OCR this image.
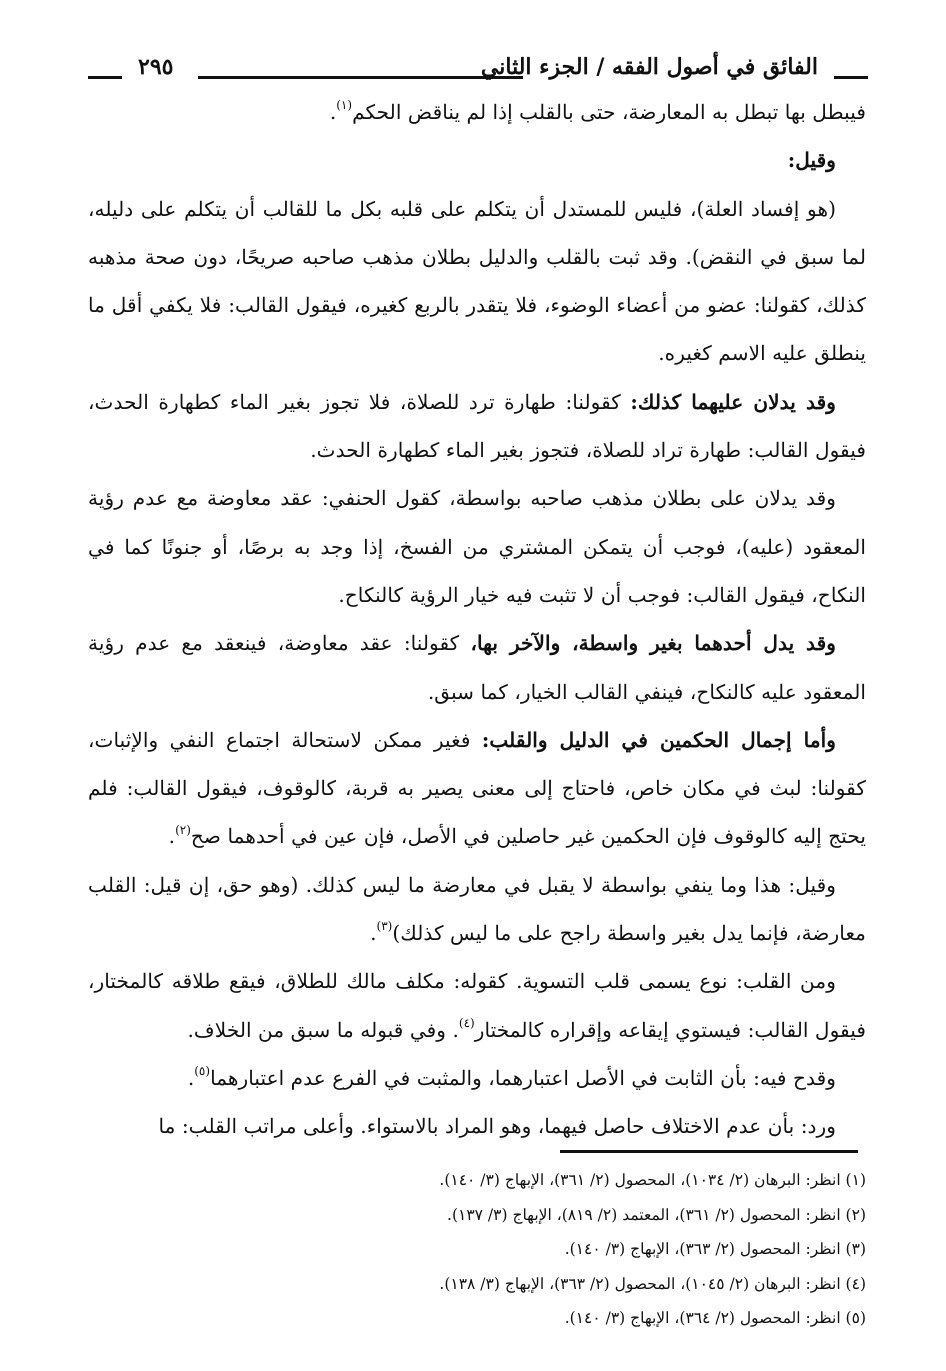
الفائق في أصول الفقه / الجزء الثاني
٢٩٥

فيبطل بها تبطل به المعارضة، حتى بالقلب إذا لم يناقض الحكم$^{(١)}$.

وقيل:

(هو إفساد العلة)، فليس للمستدل أن يتكلم على قلبه بكل ما للقالب أن يتكلم على دليله، لما سبق في النقض). وقد ثبت بالقلب والدليل بطلان مذهب صاحبه صريحًا، دون صحة مذهبه كذلك، كقولنا: عضو من أعضاء الوضوء، فلا يتقدر بالربع كغيره، فيقول القالب: فلا يكفي أقل ما ينطلق عليه الاسم كغيره.

وقد يدلان عليهما كذلك: كقولنا: طهارة ترد للصلاة، فلا تجوز بغير الماء كطهارة الحدث، فيقول القالب: طهارة تراد للصلاة، فتجوز بغير الماء كطهارة الحدث.

وقد يدلان على بطلان مذهب صاحبه بواسطة، كقول الحنفي: عقد معاوضة مع عدم رؤية المعقود (عليه)، فوجب أن يتمكن المشتري من الفسخ، إذا وجد به برصًا، أو جنونًا كما في النكاح، فيقول القالب: فوجب أن لا تثبت فيه خيار الرؤية كالنكاح.

وقد يدل أحدهما بغير واسطة، والآخر بها، كقولنا: عقد معاوضة، فينعقد مع عدم رؤية المعقود عليه كالنكاح، فينفي القالب الخيار، كما سبق.

وأما إجمال الحكمين في الدليل والقلب: فغير ممكن لاستحالة اجتماع النفي والإثبات، كقولنا: لبث في مكان خاص، فاحتاج إلى معنى يصير به قربة، كالوقوف، فيقول القالب: فلم يحتج إليه كالوقوف فإن الحكمين غير حاصلين في الأصل، فإن عين في أحدهما صح$^{(٢)}$.

وقيل: هذا وما ينفي بواسطة لا يقبل في معارضة ما ليس كذلك. (وهو حق، إن قيل: القلب معارضة، فإنما يدل بغير واسطة راجح على ما ليس كذلك)$^{(٣)}$.

ومن القلب: نوع يسمى قلب التسوية. كقوله: مكلف مالك للطلاق، فيقع طلاقه كالمختار، فيقول القالب: فيستوي إيقاعه وإقراره كالمختار$^{(٤)}$. وفي قبوله ما سبق من الخلاف.

وقدح فيه: بأن الثابت في الأصل اعتبارهما، والمثبت في الفرع عدم اعتبارهما$^{(٥)}$.

ورد: بأن عدم الاختلاف حاصل فيهما، وهو المراد بالاستواء. وأعلى مراتب القلب: ما

(١) انظر: البرهان (٢/ ١٠٣٤)، المحصول (٢/ ٣٦١)، الإبهاج (٣/ ١٤٠).

(٢) انظر: المحصول (٢/ ٣٦١)، المعتمد (٢/ ٨١٩)، الإبهاج (٣/ ١٣٧).

(٣) انظر: المحصول (٢/ ٣٦٣)، الإبهاج (٣/ ١٤٠).

(٤) انظر: البرهان (٢/ ١٠٤٥)، المحصول (٢/ ٣٦٣)، الإبهاج (٣/ ١٣٨).

(٥) انظر: المحصول (٢/ ٣٦٤)، الإبهاج (٣/ ١٤٠).
